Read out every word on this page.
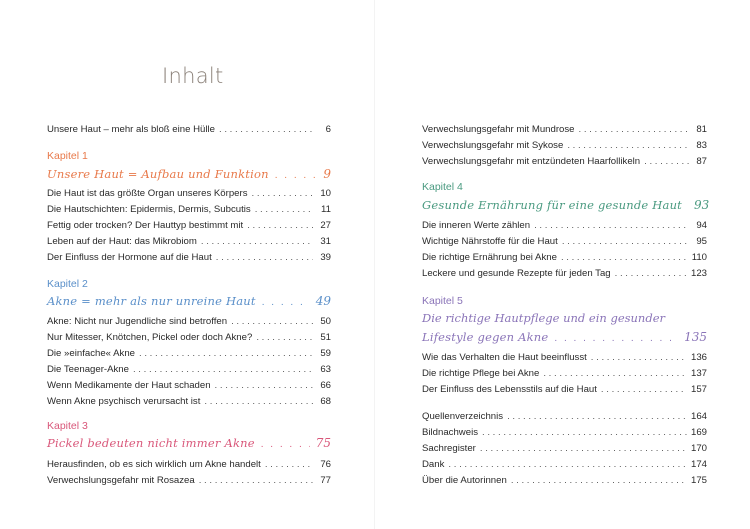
Inhalt
Unsere Haut – mehr als bloß eine Hülle . . .	6
Kapitel 1
Unsere Haut = Aufbau und Funktion . . .	9
Die Haut ist das größte Organ unseres Körpers . . .	10
Die Hautschichten: Epidermis, Dermis, Subcutis . . .	11
Fettig oder trocken? Der Hauttyp bestimmt mit . . .	27
Leben auf der Haut: das Mikrobiom . . .	31
Der Einfluss der Hormone auf die Haut . . .	39
Kapitel 2
Akne = mehr als nur unreine Haut . . .	49
Akne: Nicht nur Jugendliche sind betroffen . . .	50
Nur Mitesser, Knötchen, Pickel oder doch Akne? . . .	51
Die »einfache« Akne . . .	59
Die Teenager-Akne . . .	63
Wenn Medikamente der Haut schaden . . .	66
Wenn Akne psychisch verursacht ist . . .	68
Kapitel 3
Pickel bedeuten nicht immer Akne . . .	75
Herausfinden, ob es sich wirklich um Akne handelt . . .	76
Verwechslungsgefahr mit Rosazea . . .	77
Verwechslungsgefahr mit Mundrose . . .	81
Verwechslungsgefahr mit Sykose . . .	83
Verwechslungsgefahr mit entzündeten Haarfollikeln . . .	87
Kapitel 4
Gesunde Ernährung für eine gesunde Haut 93
Die inneren Werte zählen . . .	94
Wichtige Nährstoffe für die Haut . . .	95
Die richtige Ernährung bei Akne . . .	110
Leckere und gesunde Rezepte für jeden Tag . . .	123
Kapitel 5
Die richtige Hautpflege und ein gesunder
Lifestyle gegen Akne . . .	135
Wie das Verhalten die Haut beeinflusst . . .	136
Die richtige Pflege bei Akne . . .	137
Der Einfluss des Lebensstils auf die Haut . . .	157
Quellenverzeichnis . . .	164
Bildnachweis . . .	169
Sachregister . . .	170
Dank . . .	174
Über die Autorinnen . . .	175
